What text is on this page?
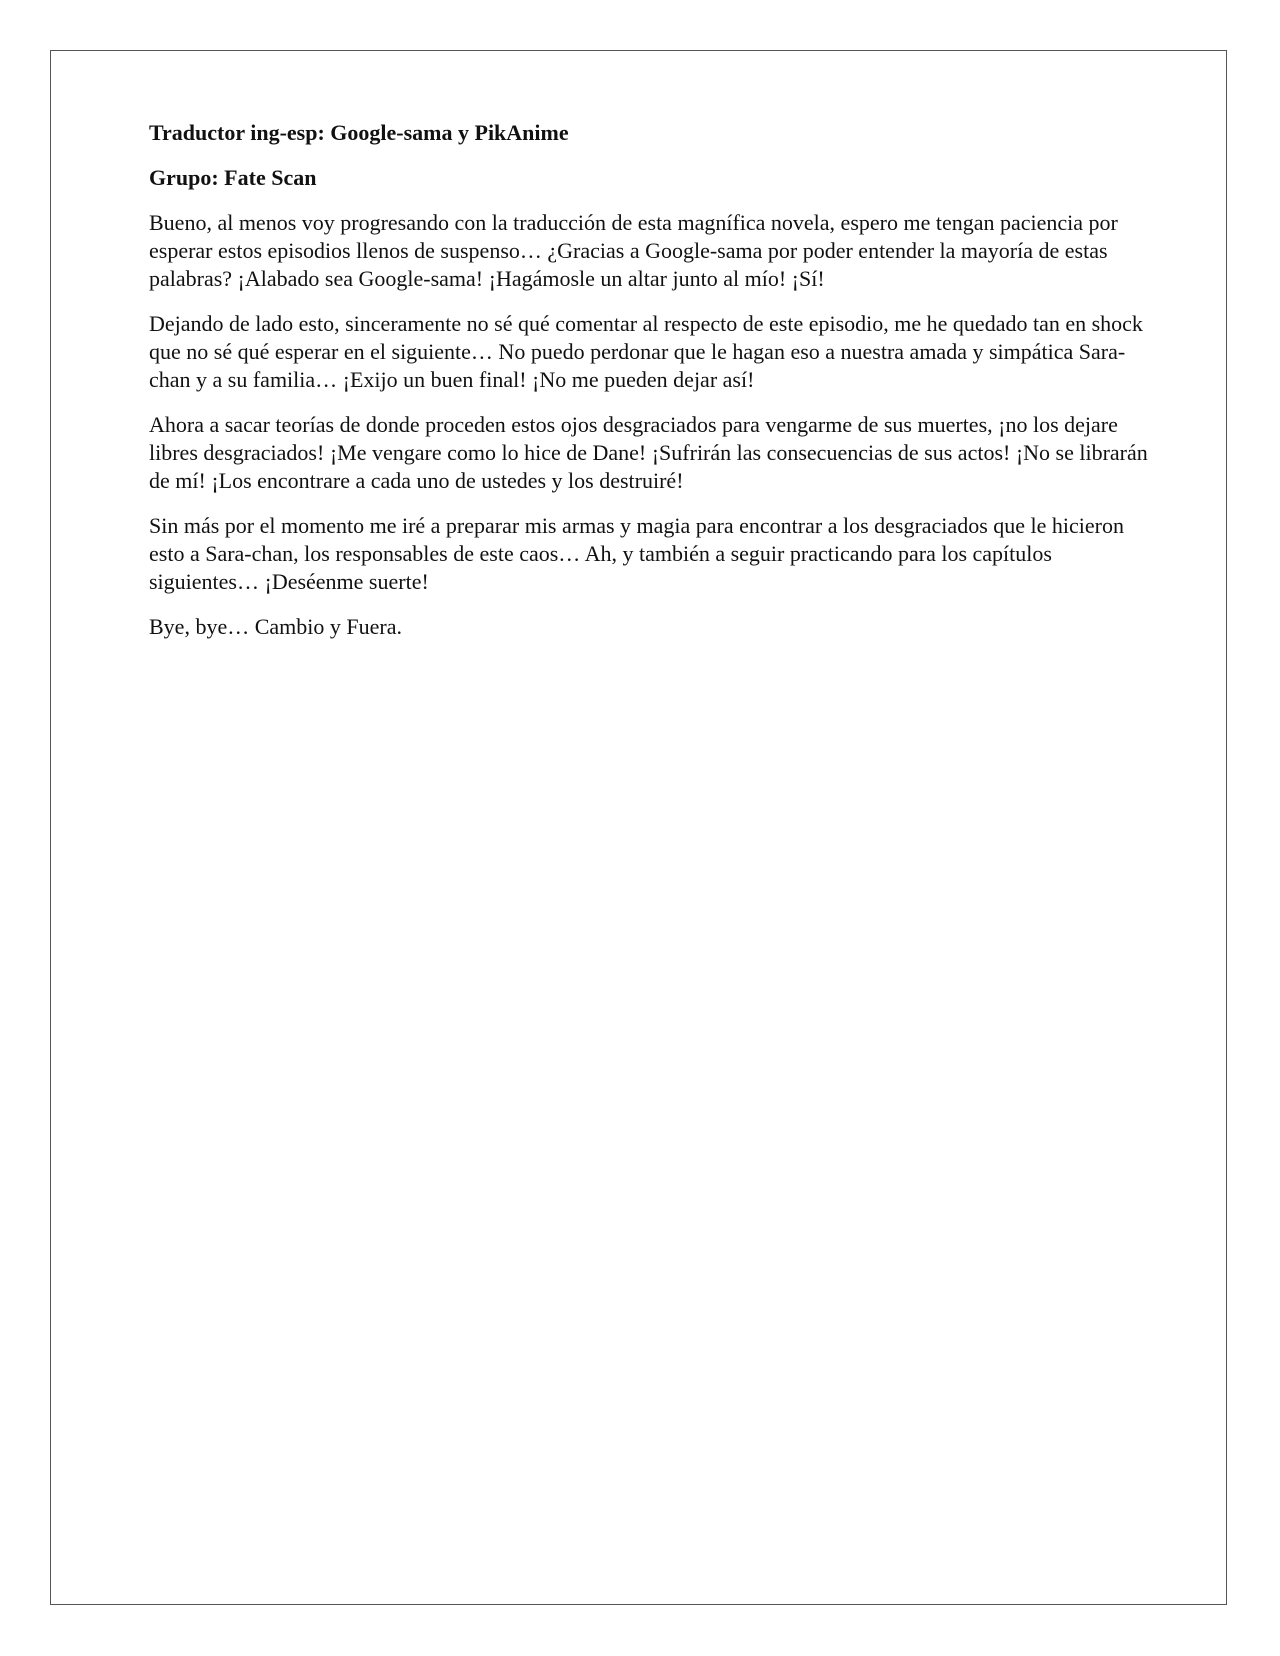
Traductor ing-esp: Google-sama y PikAnime

Grupo: Fate Scan

Bueno, al menos voy progresando con la traducción de esta magnífica novela, espero me tengan paciencia por esperar estos episodios llenos de suspenso… ¿Gracias a Google-sama por poder entender la mayoría de estas palabras? ¡Alabado sea Google-sama! ¡Hagámosle un altar junto al mío! ¡Sí!

Dejando de lado esto, sinceramente no sé qué comentar al respecto de este episodio, me he quedado tan en shock que no sé qué esperar en el siguiente… No puedo perdonar que le hagan eso a nuestra amada y simpática Sara-chan y a su familia… ¡Exijo un buen final! ¡No me pueden dejar así!

Ahora a sacar teorías de donde proceden estos ojos desgraciados para vengarme de sus muertes, ¡no los dejare libres desgraciados! ¡Me vengare como lo hice de Dane! ¡Sufrirán las consecuencias de sus actos! ¡No se librarán de mí! ¡Los encontrare a cada uno de ustedes y los destruiré!

Sin más por el momento me iré a preparar mis armas y magia para encontrar a los desgraciados que le hicieron esto a Sara-chan, los responsables de este caos… Ah, y también a seguir practicando para los capítulos siguientes… ¡Deséenme suerte!

Bye, bye… Cambio y Fuera.
